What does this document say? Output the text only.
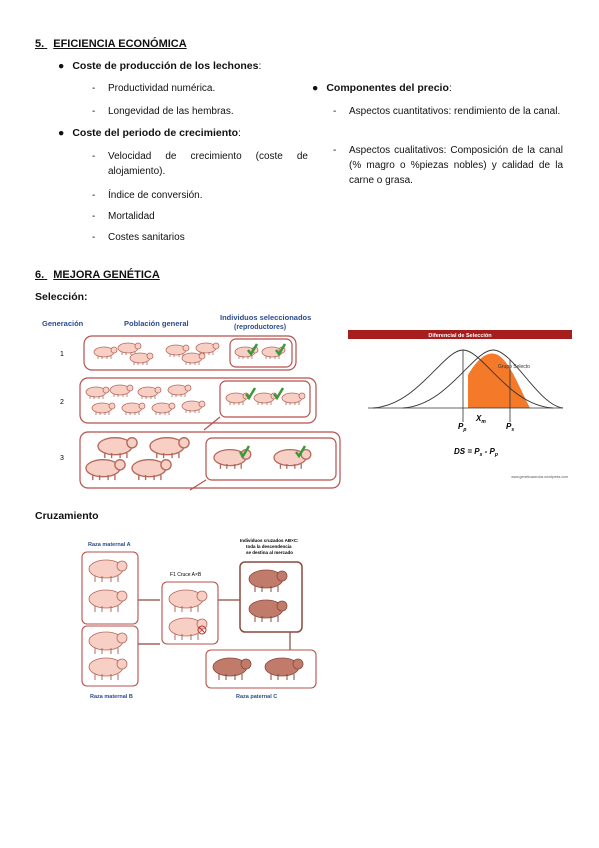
5. EFICIENCIA ECONÓMICA
● Coste de producción de los lechones:
- Productividad numérica.
- Longevidad de las hembras.
● Coste del periodo de crecimiento:
- Velocidad de crecimiento (coste de alojamiento).
- Índice de conversión.
- Mortalidad
- Costes sanitarios
● Componentes del precio:
- Aspectos cuantitativos: rendimiento de la canal.
- Aspectos cualitativos: Composición de la canal (% magro o %piezas nobles) y calidad de la carne o grasa.
6. MEJORA GENÉTICA
Selección:
Generación	Población general
Individuos seleccionados
(reproductores)
1
2
3
Diferencial de Selección
Grupo Selecto
$X_m$
$P_p$	$P_s$
DS = $P_s - P_p$
www.geneticacerdos.wordpress.com
Cruzamiento
Raza maternal A
Raza maternal B
F1 Cruce A×B
Individuos cruzados AB×C:
toda la descendencia
se destina al mercado
Raza paternal C
